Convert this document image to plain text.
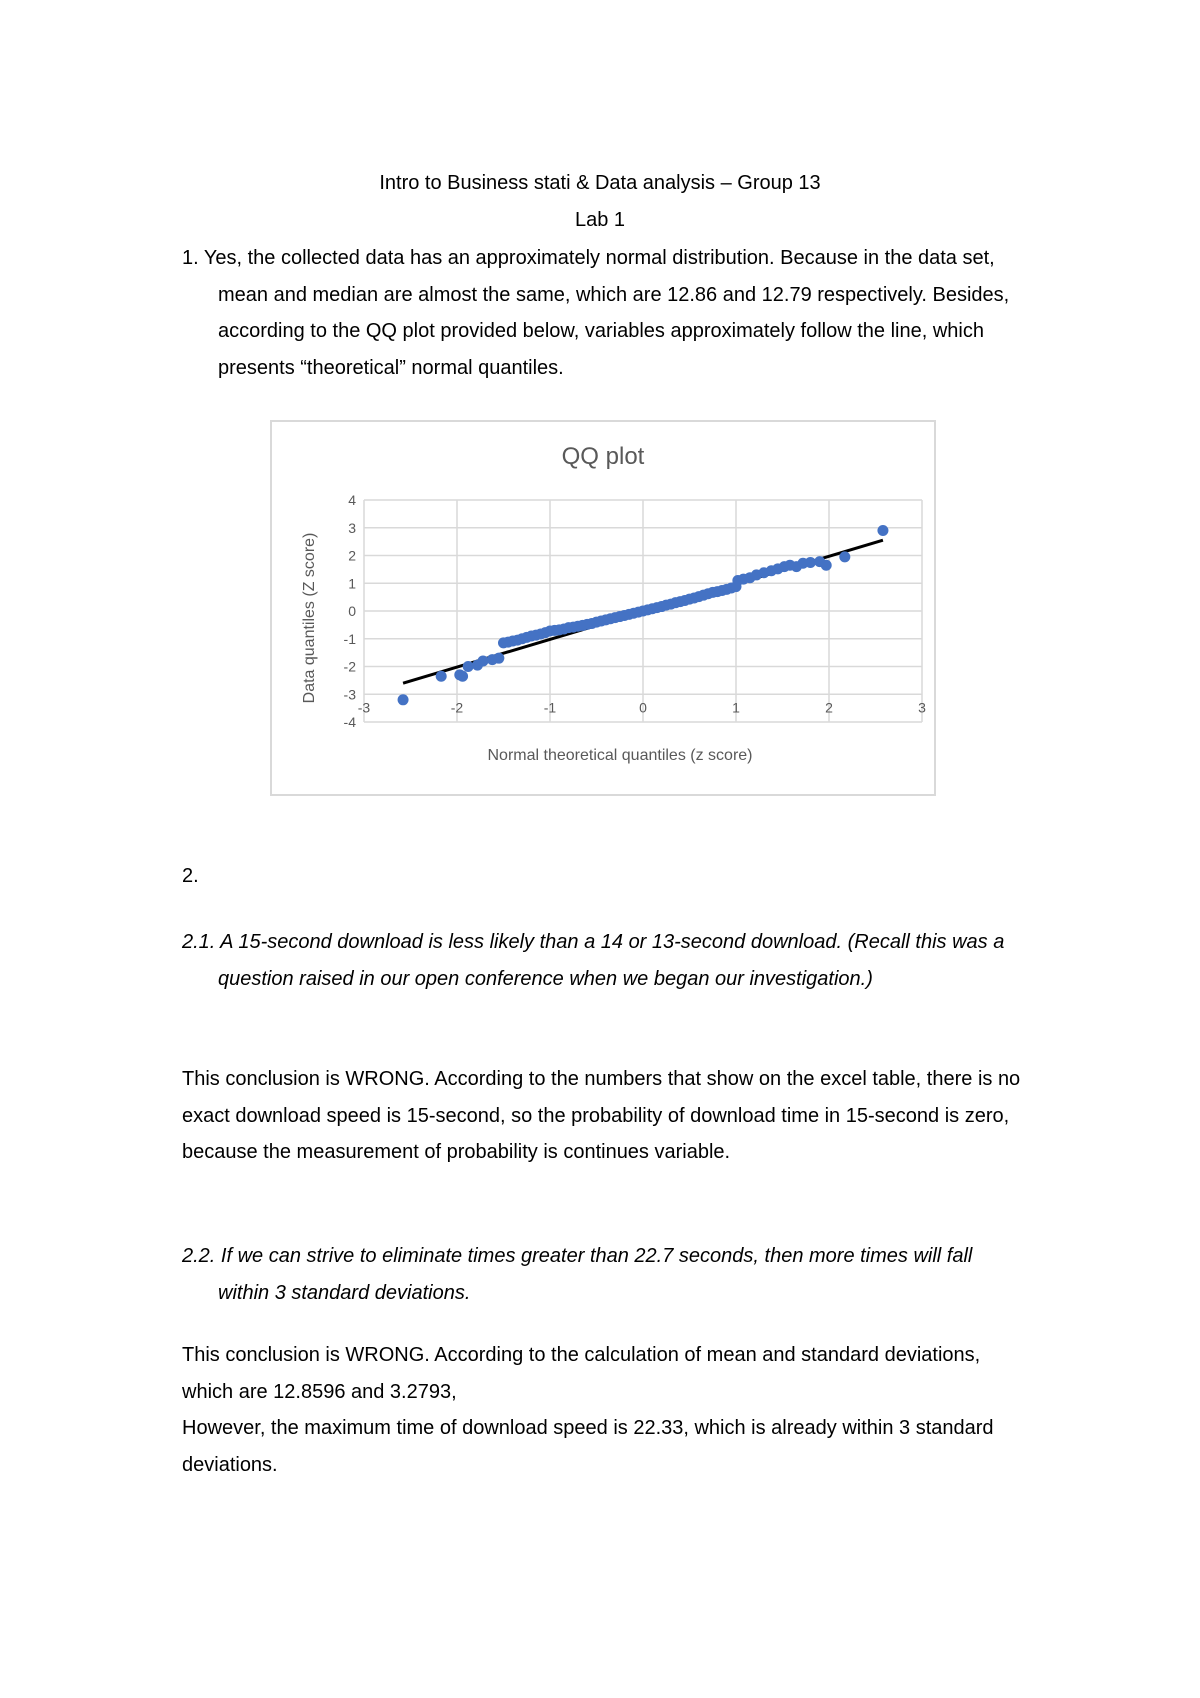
Intro to Business stati & Data analysis – Group 13
Lab 1
1. Yes, the collected data has an approximately normal distribution. Because in the data set, mean and median are almost the same, which are 12.86 and 12.79 respectively. Besides, according to the QQ plot provided below, variables approximately follow the line, which presents “theoretical” normal quantiles.
QQ plot
-3	-2	-1	0	1	2	3
4
3
2
1
0
-1
-2
-3
-4
Normal theoretical quantiles (z score)
Data quantiles (Z score)
2.
2.1. A 15-second download is less likely than a 14 or 13-second download. (Recall this was a question raised in our open conference when we began our investigation.)
This conclusion is WRONG. According to the numbers that show on the excel table, there is no exact download speed is 15-second, so the probability of download time in 15-second is zero, because the measurement of probability is continues variable.
2.2. If we can strive to eliminate times greater than 22.7 seconds, then more times will fall within 3 standard deviations.
This conclusion is WRONG. According to the calculation of mean and standard deviations, which are 12.8596 and 3.2793,
However, the maximum time of download speed is 22.33, which is already within 3 standard deviations.
